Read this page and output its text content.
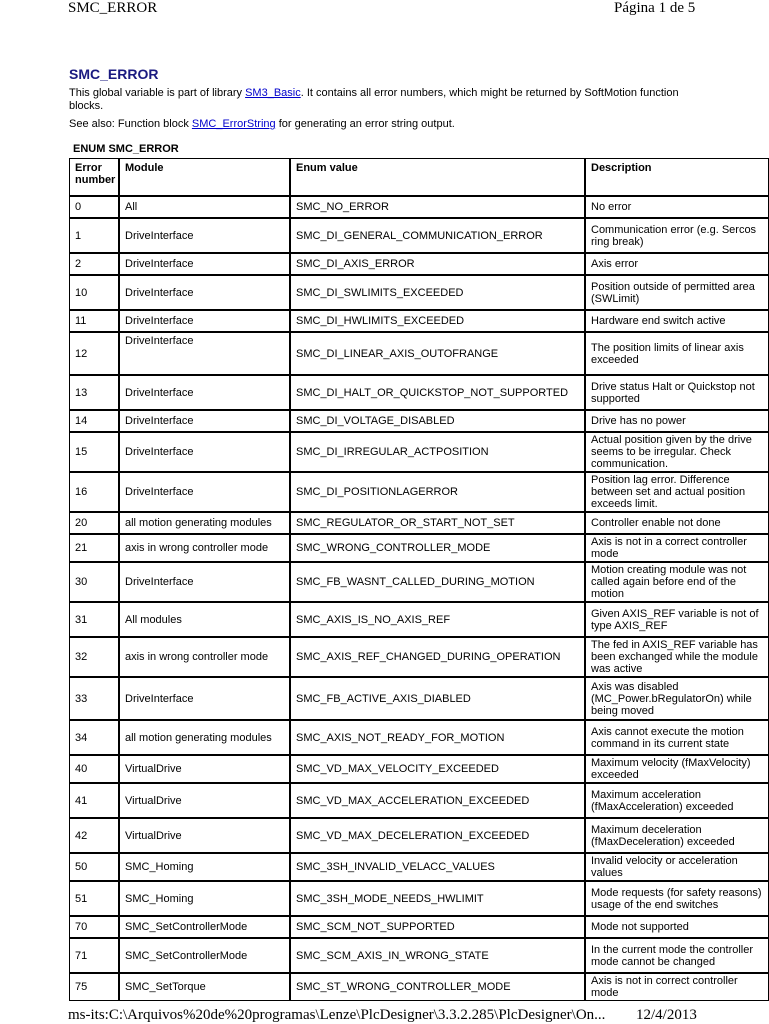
SMC_ERROR	Página 1 de 5
SMC_ERROR

This global variable is part of library SM3_Basic. It contains all error numbers, which might be returned by SoftMotion function blocks.

See also: Function block SMC_ErrorString for generating an error string output.

ENUM SMC_ERROR
Error number	Module	Enum value	Description
0	All	SMC_NO_ERROR	No error
1	DriveInterface	SMC_DI_GENERAL_COMMUNICATION_ERROR	Communication error (e.g. Sercos ring break)
2	DriveInterface	SMC_DI_AXIS_ERROR	Axis error
10	DriveInterface	SMC_DI_SWLIMITS_EXCEEDED	Position outside of permitted area (SWLimit)
11	DriveInterface	SMC_DI_HWLIMITS_EXCEEDED	Hardware end switch active
12	DriveInterface	SMC_DI_LINEAR_AXIS_OUTOFRANGE	The position limits of linear axis exceeded
13	DriveInterface	SMC_DI_HALT_OR_QUICKSTOP_NOT_SUPPORTED	Drive status Halt or Quickstop not supported
14	DriveInterface	SMC_DI_VOLTAGE_DISABLED	Drive has no power
15	DriveInterface	SMC_DI_IRREGULAR_ACTPOSITION	Actual position given by the drive seems to be irregular. Check communication.
16	DriveInterface	SMC_DI_POSITIONLAGERROR	Position lag error. Difference between set and actual position exceeds limit.
20	all motion generating modules	SMC_REGULATOR_OR_START_NOT_SET	Controller enable not done
21	axis in wrong controller mode	SMC_WRONG_CONTROLLER_MODE	Axis is not in a correct controller mode
30	DriveInterface	SMC_FB_WASNT_CALLED_DURING_MOTION	Motion creating module was not called again before end of the motion
31	All modules	SMC_AXIS_IS_NO_AXIS_REF	Given AXIS_REF variable is not of type AXIS_REF
32	axis in wrong controller mode	SMC_AXIS_REF_CHANGED_DURING_OPERATION	The fed in AXIS_REF variable has been exchanged while the module was active
33	DriveInterface	SMC_FB_ACTIVE_AXIS_DIABLED	Axis was disabled (MC_Power.bRegulatorOn) while being moved
34	all motion generating modules	SMC_AXIS_NOT_READY_FOR_MOTION	Axis cannot execute the motion command in its current state
40	VirtualDrive	SMC_VD_MAX_VELOCITY_EXCEEDED	Maximum velocity (fMaxVelocity) exceeded
41	VirtualDrive	SMC_VD_MAX_ACCELERATION_EXCEEDED	Maximum acceleration (fMaxAcceleration) exceeded
42	VirtualDrive	SMC_VD_MAX_DECELERATION_EXCEEDED	Maximum deceleration (fMaxDeceleration) exceeded
50	SMC_Homing	SMC_3SH_INVALID_VELACC_VALUES	Invalid velocity or acceleration values
51	SMC_Homing	SMC_3SH_MODE_NEEDS_HWLIMIT	Mode requests (for safety reasons) usage of the end switches
70	SMC_SetControllerMode	SMC_SCM_NOT_SUPPORTED	Mode not supported
71	SMC_SetControllerMode	SMC_SCM_AXIS_IN_WRONG_STATE	In the current mode the controller mode cannot be changed
75	SMC_SetTorque	SMC_ST_WRONG_CONTROLLER_MODE	Axis is not in correct controller mode
ms-its:C:\Arquivos%20de%20programas\Lenze\PlcDesigner\3.3.2.285\PlcDesigner\On...	12/4/2013
